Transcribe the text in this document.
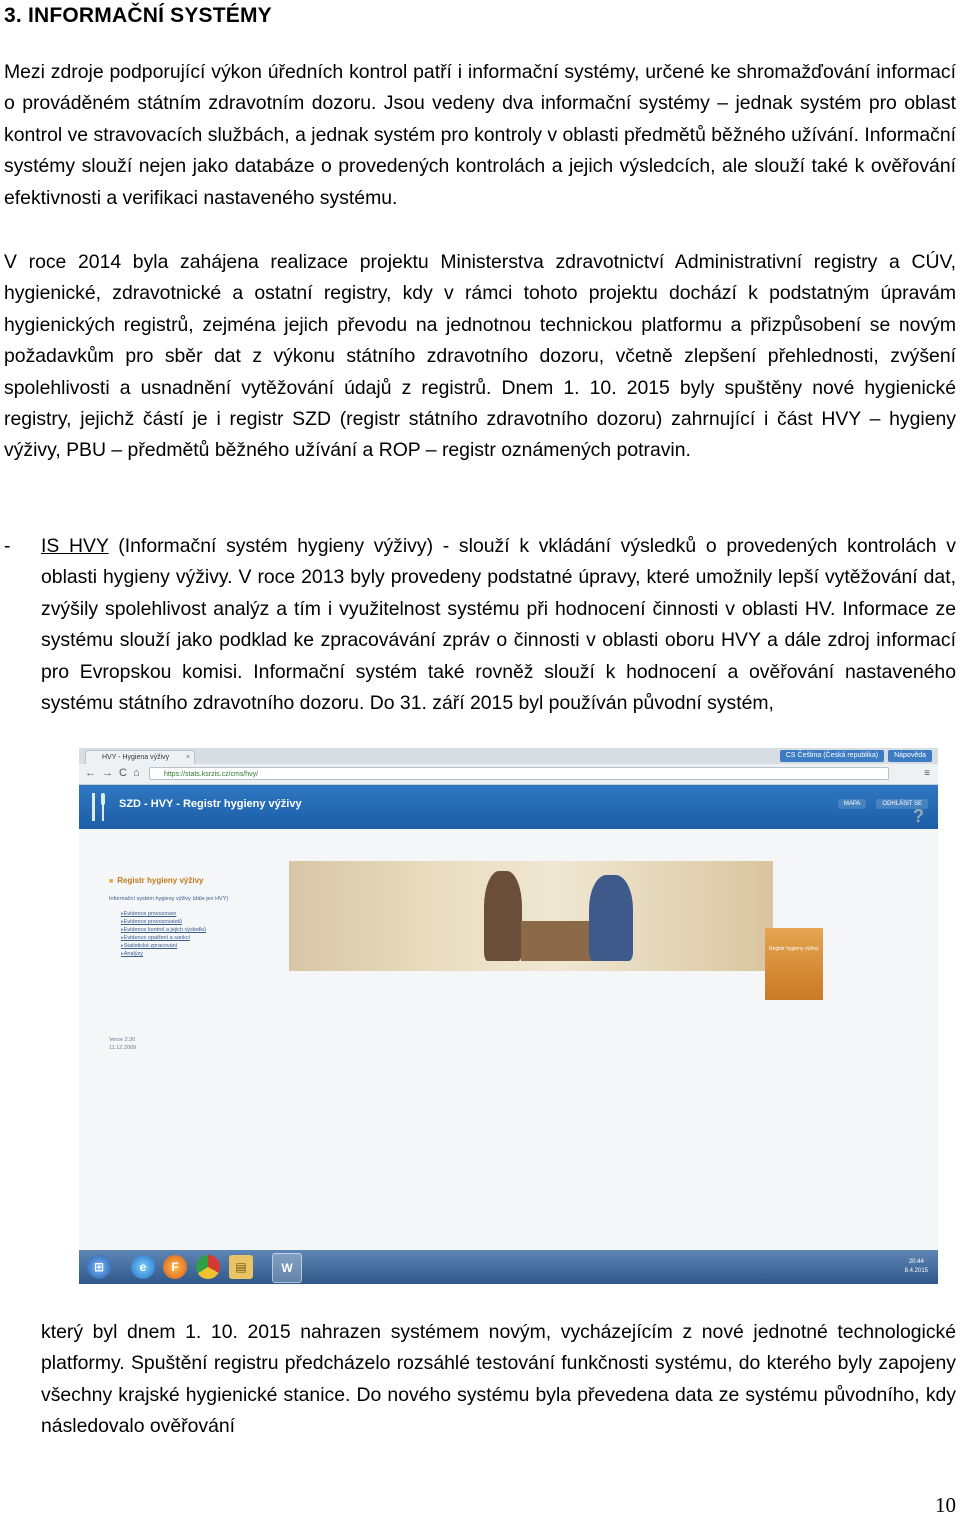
3. INFORMAČNÍ SYSTÉMY

Mezi zdroje podporující výkon úředních kontrol patří i informační systémy, určené ke shromažďování informací o prováděném státním zdravotním dozoru. Jsou vedeny dva informační systémy – jednak systém pro oblast kontrol ve stravovacích službách, a jednak systém pro kontroly v oblasti předmětů běžného užívání. Informační systémy slouží nejen jako databáze o provedených kontrolách a jejich výsledcích, ale slouží také k ověřování efektivnosti a verifikaci nastaveného systému.

V roce 2014 byla zahájena realizace projektu Ministerstva zdravotnictví Administrativní registry a CÚV, hygienické, zdravotnické a ostatní registry, kdy v rámci tohoto projektu dochází k podstatným úpravám hygienických registrů, zejména jejich převodu na jednotnou technickou platformu a přizpůsobení se novým požadavkům pro sběr dat z výkonu státního zdravotního dozoru, včetně zlepšení přehlednosti, zvýšení spolehlivosti a usnadnění vytěžování údajů z registrů. Dnem 1. 10. 2015 byly spuštěny nové hygienické registry, jejichž částí je i registr SZD (registr státního zdravotního dozoru) zahrnující i část HVY – hygieny výživy, PBU – předmětů běžného užívání a ROP – registr oznámených potravin.

- IS HVY (Informační systém hygieny výživy) - slouží k vkládání výsledků o provedených kontrolách v oblasti hygieny výživy. V roce 2013 byly provedeny podstatné úpravy, které umožnily lepší vytěžování dat, zvýšily spolehlivost analýz a tím i využitelnost systému při hodnocení činnosti v oblasti HV. Informace ze systému slouží jako podklad ke zpracovávání zpráv o činnosti v oblasti oboru HVY a dále zdroj informací pro Evropskou komisi. Informační systém také rovněž slouží k hodnocení a ověřování nastaveného systému státního zdravotního dozoru. Do 31. září 2015 byl používán původní systém,

HVY - Hygiena výživy ×	CS Čeština (Česká republika)	Nápověda
←→C⌂	https://stats.ksrzis.cz/cms/hvy/	≡
SZD - HVY - Registr hygieny výživy	MAPA	ODHLÁSIT SE
?
■ Registr hygieny výživy
Informační systém hygieny výživy (dále jen HVY)
▸ Evidence provozoven
▸ Evidence provozovatelů
▸ Evidence kontrol a jejich výsledků
▸ Evidence opatření a sankcí
▸ Statistické zpracování
▸ Analýzy
Verze 2.30
11.12.2009
Registr hygieny výživy
⊞	e	F	▤	W	20:44
8.4.2015

který byl dnem 1. 10. 2015 nahrazen systémem novým, vycházejícím z nové jednotné technologické platformy. Spuštění registru předcházelo rozsáhlé testování funkčnosti systému, do kterého byly zapojeny všechny krajské hygienické stanice. Do nového systému byla převedena data ze systému původního, kdy následovalo ověřování

10
